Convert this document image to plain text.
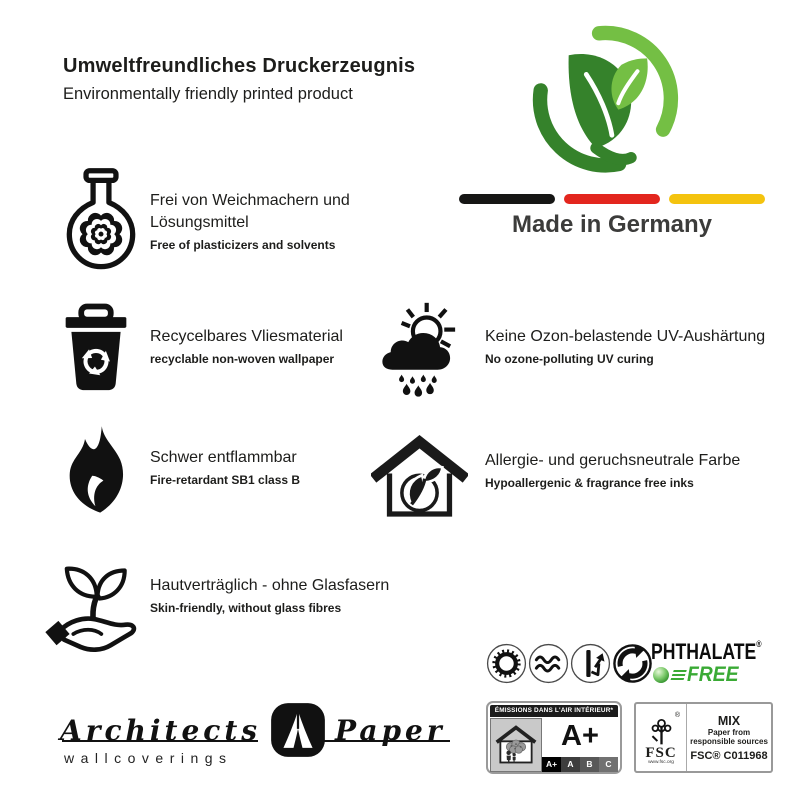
Umweltfreundliches Druckerzeugnis
Environmentally friendly printed product
Made in Germany
Frei von Weichmachern und
Lösungsmittel
Free of plasticizers and solvents
Recycelbares Vliesmaterial
recyclable non-woven wallpaper
Keine Ozon-belastende UV-Aushärtung
No ozone-polluting UV curing
Schwer entflammbar
Fire-retardant SB1 class B
Allergie- und geruchsneutrale Farbe
Hypoallergenic & fragrance free inks
Hautverträglich - ohne Glasfasern
Skin-friendly, without glass fibres
Architects	Paper
wallcoverings
PHTHALATE®
FREE
ÉMISSIONS DANS L'AIR INTÉRIEUR*
A+
A+	A	B	C
®
FSC
www.fsc.org
MIX
Paper from
responsible sources
FSC® C011968
